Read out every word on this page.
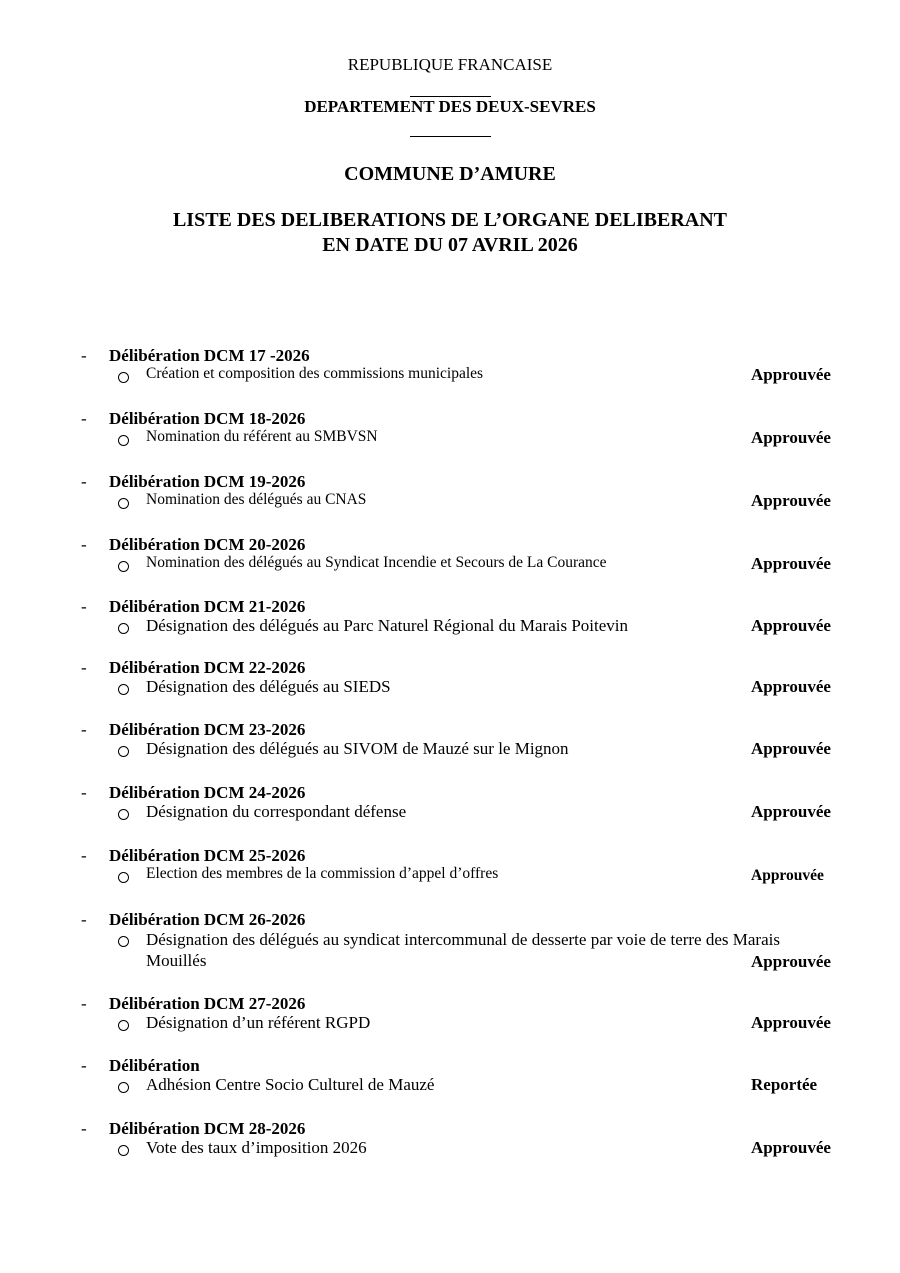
REPUBLIQUE FRANCAISE
DEPARTEMENT DES DEUX-SEVRES
COMMUNE D’AMURE
LISTE DES DELIBERATIONS DE L’ORGANE DELIBERANT
EN DATE DU 07 AVRIL 2026
- Délibération DCM 17 -2026
Création et composition des commissions municipales	Approuvée
- Délibération DCM 18-2026
Nomination du référent au SMBVSN	Approuvée
- Délibération DCM 19-2026
Nomination des délégués au CNAS	Approuvée
- Délibération DCM 20-2026
Nomination des délégués au Syndicat Incendie et Secours de La Courance	Approuvée
- Délibération DCM 21-2026
Désignation des délégués au Parc Naturel Régional du Marais Poitevin	Approuvée
- Délibération DCM 22-2026
Désignation des délégués au SIEDS	Approuvée
- Délibération DCM 23-2026
Désignation des délégués au SIVOM de Mauzé sur le Mignon	Approuvée
- Délibération DCM 24-2026
Désignation du correspondant défense	Approuvée
- Délibération DCM 25-2026
Election des membres de la commission d’appel d’offres	Approuvée
- Délibération DCM 26-2026
Désignation des délégués au syndicat intercommunal de desserte par voie de terre des Marais Mouillés	Approuvée
- Délibération DCM 27-2026
Désignation d’un référent RGPD	Approuvée
- Délibération
Adhésion Centre Socio Culturel de Mauzé	Reportée
- Délibération DCM 28-2026
Vote des taux d’imposition 2026	Approuvée
